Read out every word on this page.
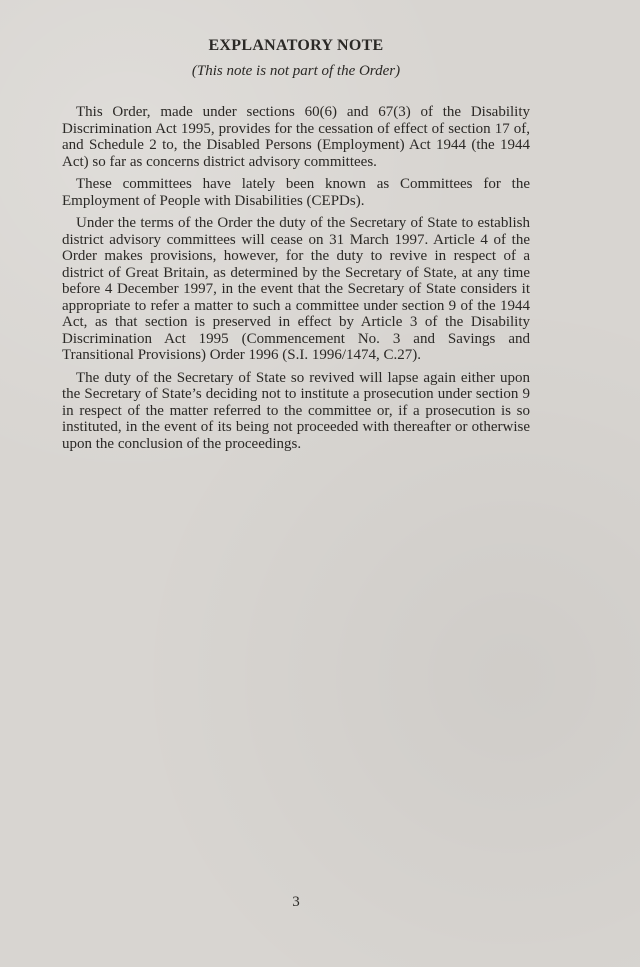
EXPLANATORY NOTE
(This note is not part of the Order)

This Order, made under sections 60(6) and 67(3) of the Disability Discrimination Act 1995, provides for the cessation of effect of section 17 of, and Schedule 2 to, the Disabled Persons (Employment) Act 1944 (the 1944 Act) so far as concerns district advisory committees.

These committees have lately been known as Committees for the Employment of People with Disabilities (CEPDs).

Under the terms of the Order the duty of the Secretary of State to establish district advisory committees will cease on 31 March 1997. Article 4 of the Order makes provisions, however, for the duty to revive in respect of a district of Great Britain, as determined by the Secretary of State, at any time before 4 December 1997, in the event that the Secretary of State considers it appropriate to refer a matter to such a committee under section 9 of the 1944 Act, as that section is preserved in effect by Article 3 of the Disability Discrimination Act 1995 (Commencement No. 3 and Savings and Transitional Provisions) Order 1996 (S.I. 1996/1474, C.27).

The duty of the Secretary of State so revived will lapse again either upon the Secretary of State’s deciding not to institute a prosecution under section 9 in respect of the matter referred to the committee or, if a prosecution is so instituted, in the event of its being not proceeded with thereafter or otherwise upon the conclusion of the proceedings.

3
